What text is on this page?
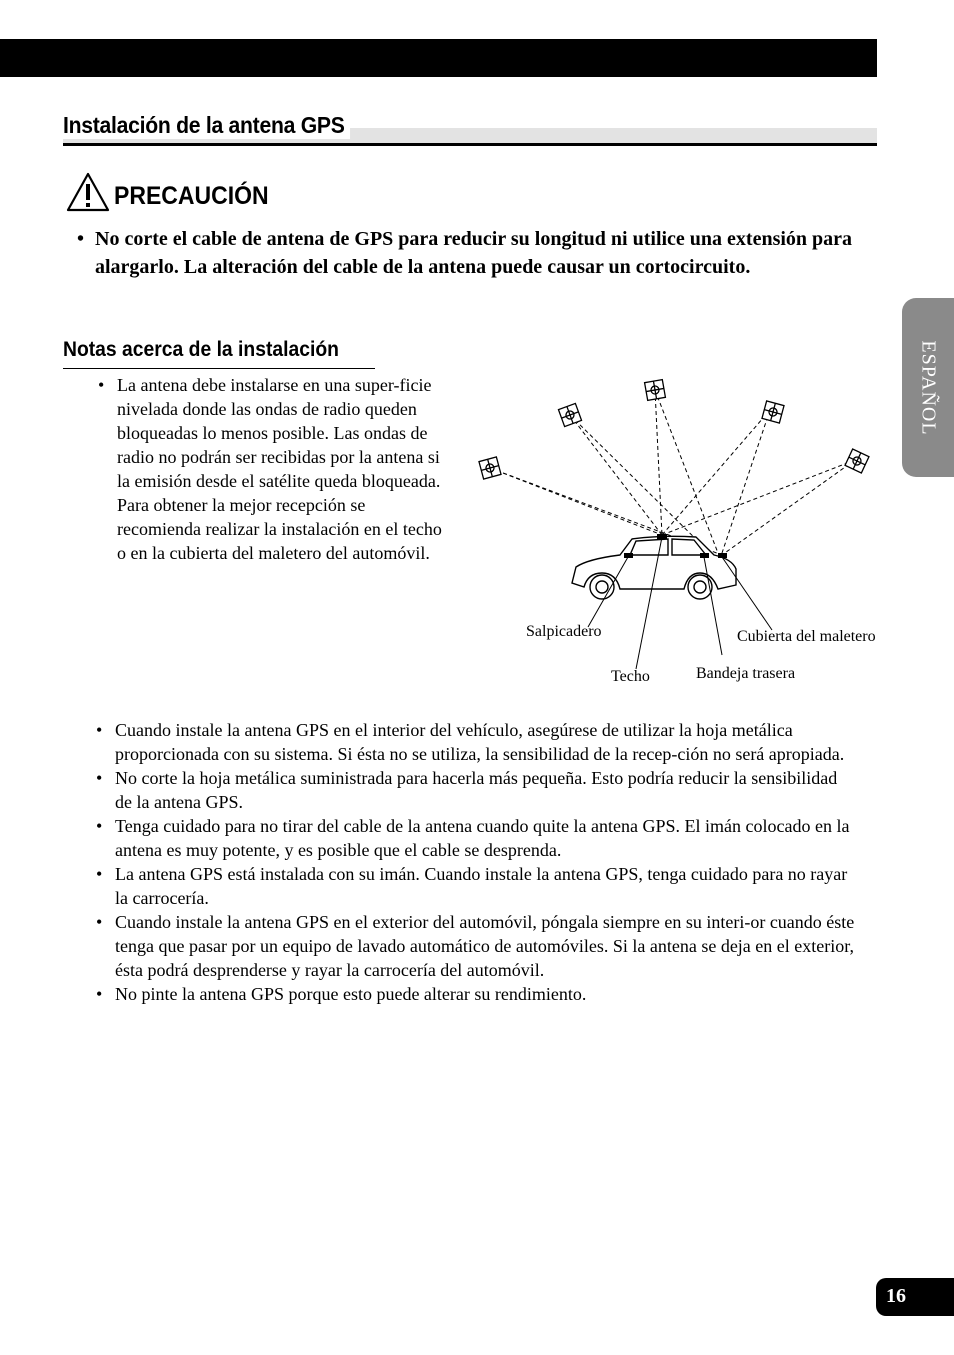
Instalación de la antena GPS
PRECAUCIÓN
• No corte el cable de antena de GPS para reducir su longitud ni utilice una extensión para alargarlo. La alteración del cable de la antena puede causar un cortocircuito.
Notas acerca de la instalación
• La antena debe instalarse en una super-ficie nivelada donde las ondas de radio queden bloqueadas lo menos posible. Las ondas de radio no podrán ser recibidas por la antena si la emisión desde el satélite queda bloqueada. Para obtener la mejor recepción se recomienda realizar la instalación en el techo o en la cubierta del maletero del automóvil.
Salpicadero
Techo	Bandeja trasera
Cubierta del maletero
• Cuando instale la antena GPS en el interior del vehículo, asegúrese de utilizar la hoja metálica proporcionada con su sistema. Si ésta no se utiliza, la sensibilidad de la recep-ción no será apropiada.
• No corte la hoja metálica suministrada para hacerla más pequeña. Esto podría reducir la sensibilidad de la antena GPS.
• Tenga cuidado para no tirar del cable de la antena cuando quite la antena GPS. El imán colocado en la antena es muy potente, y es posible que el cable se desprenda.
• La antena GPS está instalada con su imán. Cuando instale la antena GPS, tenga cuidado para no rayar la carrocería.
• Cuando instale la antena GPS en el exterior del automóvil, póngala siempre en su interi-or cuando éste tenga que pasar por un equipo de lavado automático de automóviles. Si la antena se deja en el exterior, ésta podrá desprenderse y rayar la carrocería del automóvil.
• No pinte la antena GPS porque esto puede alterar su rendimiento.
ESPAÑOL
16
